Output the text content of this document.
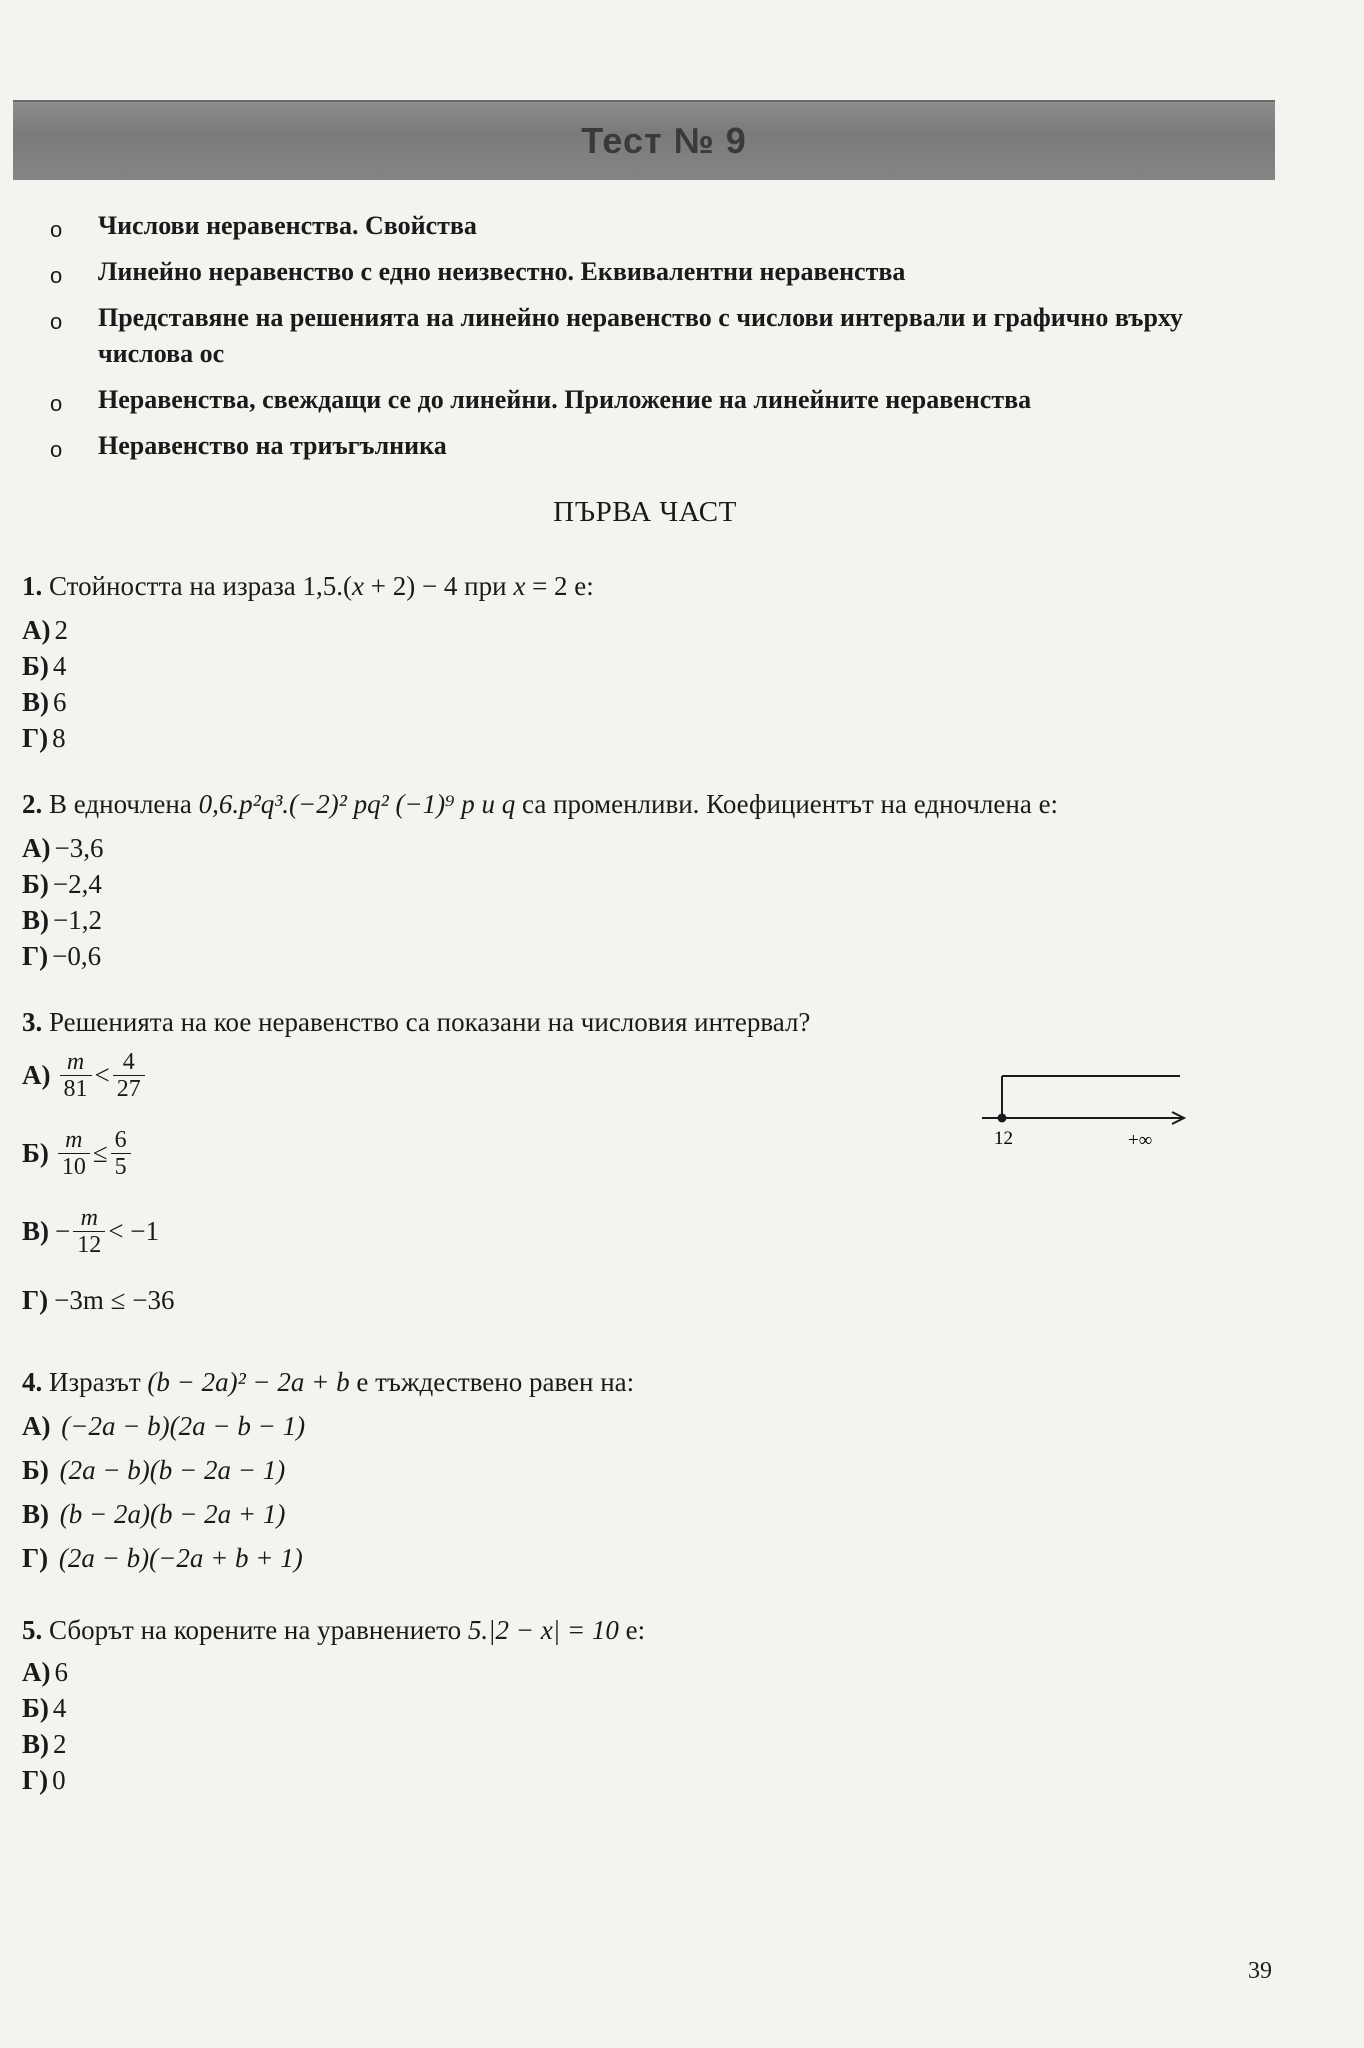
Тест № 9
o Числови неравенства. Свойства
o Линейно неравенство с едно неизвестно. Еквивалентни неравенства
o Представяне на решенията на линейно неравенство с числови интервали и графично върху числова ос
o Неравенства, свеждащи се до линейни. Приложение на линейните неравенства
o Неравенство на триъгълника
ПЪРВА ЧАСТ
1. Стойността на израза 1,5.(x + 2) − 4 при x = 2 е:
А) 2
Б) 4
В) 6
Г) 8
2. В едночлена 0,6.p²q³.(−2)² pq² (−1)⁹ p и q са променливи. Коефициентът на едночлена е:
А) −3,6
Б) −2,4
В) −1,2
Г) −0,6
3. Решенията на кое неравенство са показани на числовия интервал?
$А) \frac{m}{81} < \frac{4}{27}$
$Б) \frac{m}{10} \le \frac{6}{5}$
$В) - \frac{m}{12} < -1$
Г) −3m ≤ −36
12	+∞
4. Изразът (b − 2a)² − 2a + b е тъждествено равен на:
А) (−2a − b)(2a − b − 1)
Б) (2a − b)(b − 2a − 1)
В) (b − 2a)(b − 2a + 1)
Г) (2a − b)(−2a + b + 1)
5. Сборът на корените на уравнението 5.|2 − x| = 10 е:
А) 6
Б) 4
В) 2
Г) 0
39
